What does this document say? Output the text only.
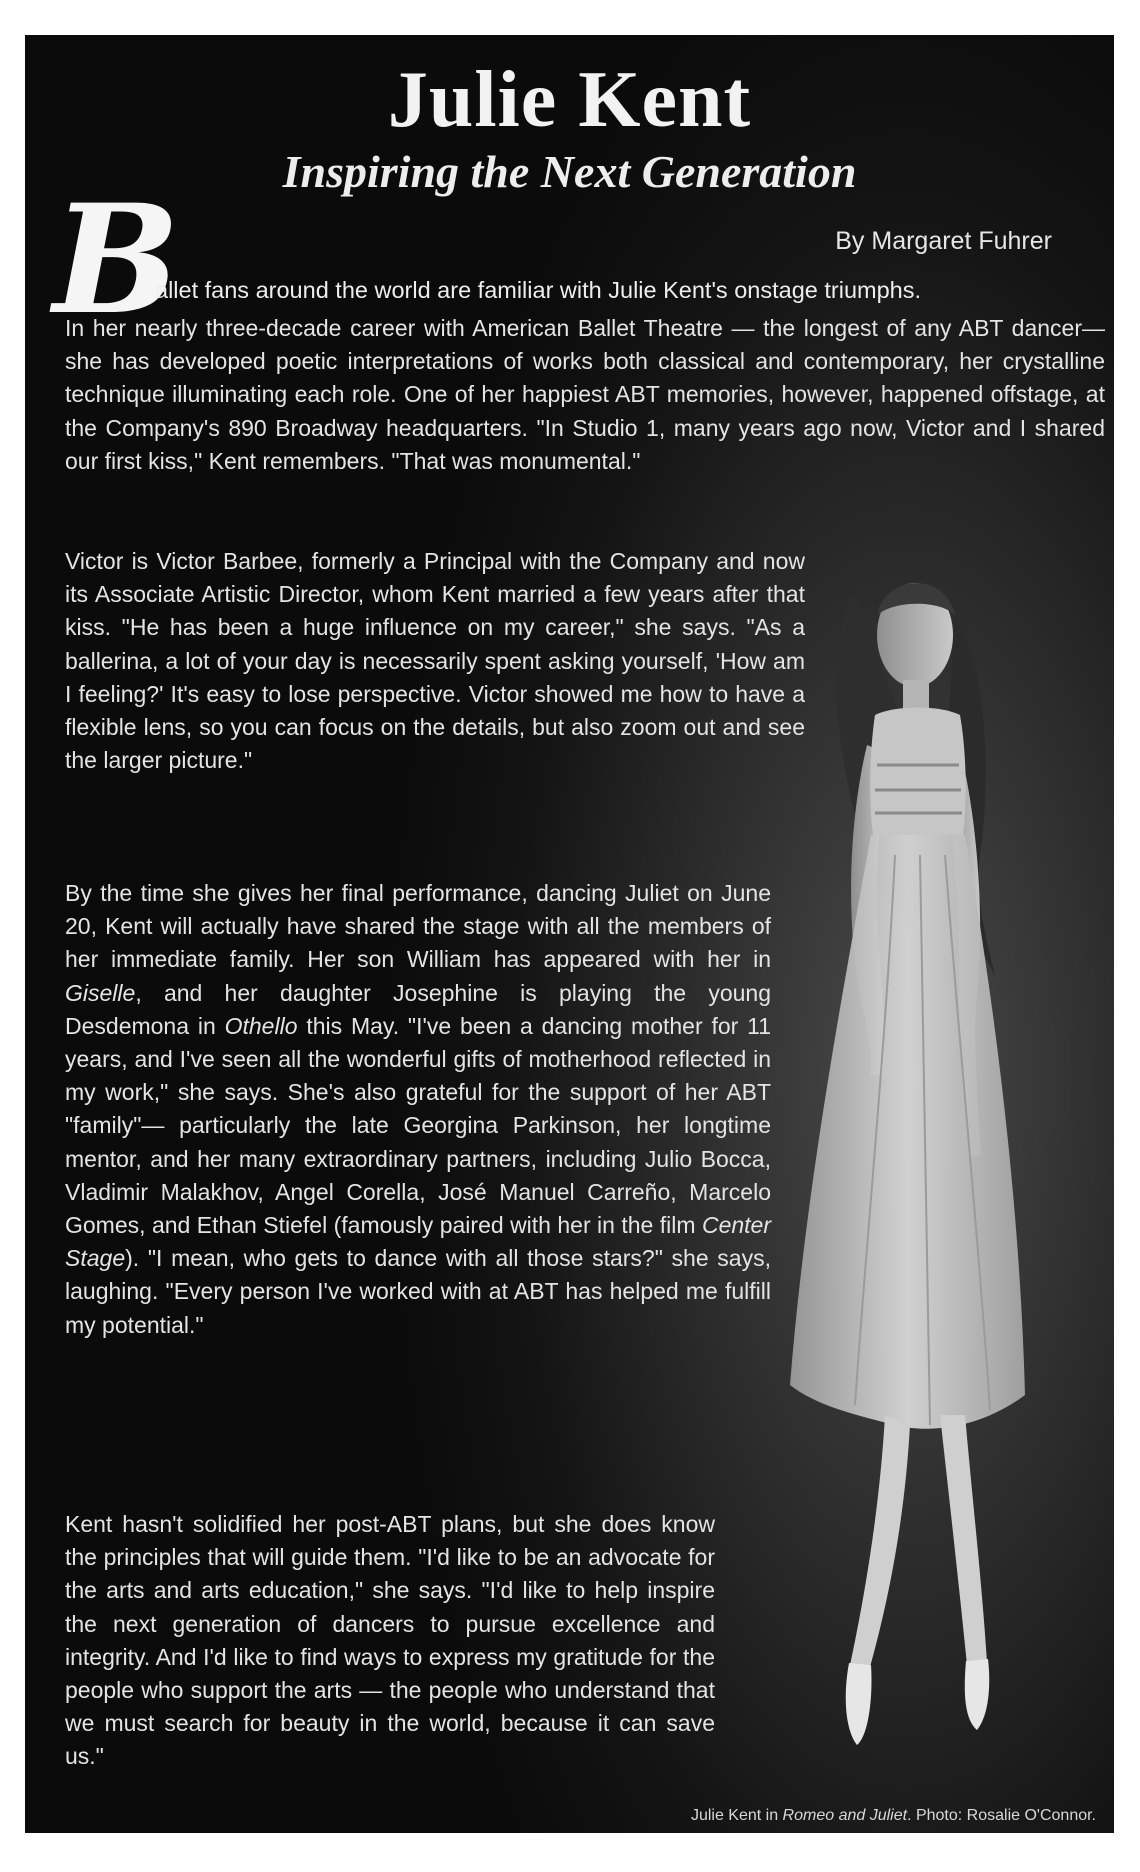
Julie Kent
Inspiring the Next Generation
B	By Margaret Fuhrer
allet fans around the world are familiar with Julie Kent's onstage triumphs.
In her nearly three-decade career with American Ballet Theatre — the longest of any ABT dancer—she has developed poetic interpretations of works both classical and contemporary, her crystalline technique illuminating each role. One of her happiest ABT memories, however, happened offstage, at the Company's 890 Broadway headquarters. "In Studio 1, many years ago now, Victor and I shared our first kiss," Kent remembers. "That was monumental."
Victor is Victor Barbee, formerly a Principal with the Company and now its Associate Artistic Director, whom Kent married a few years after that kiss. "He has been a huge influence on my career," she says. "As a ballerina, a lot of your day is necessarily spent asking yourself, 'How am I feeling?' It's easy to lose perspective. Victor showed me how to have a flexible lens, so you can focus on the details, but also zoom out and see the larger picture."
By the time she gives her final performance, dancing Juliet on June 20, Kent will actually have shared the stage with all the members of her immediate family. Her son William has appeared with her in Giselle, and her daughter Josephine is playing the young Desdemona in Othello this May. "I've been a dancing mother for 11 years, and I've seen all the wonderful gifts of motherhood reflected in my work," she says. She's also grateful for the support of her ABT "family"— particularly the late Georgina Parkinson, her longtime mentor, and her many extraordinary partners, including Julio Bocca, Vladimir Malakhov, Angel Corella, José Manuel Carreño, Marcelo Gomes, and Ethan Stiefel (famously paired with her in the film Center Stage). "I mean, who gets to dance with all those stars?" she says, laughing. "Every person I've worked with at ABT has helped me fulfill my potential."
Kent hasn't solidified her post-ABT plans, but she does know the principles that will guide them. "I'd like to be an advocate for the arts and arts education," she says. "I'd like to help inspire the next generation of dancers to pursue excellence and integrity. And I'd like to find ways to express my gratitude for the people who support the arts — the people who understand that we must search for beauty in the world, because it can save us."
Julie Kent in Romeo and Juliet. Photo: Rosalie O'Connor.
